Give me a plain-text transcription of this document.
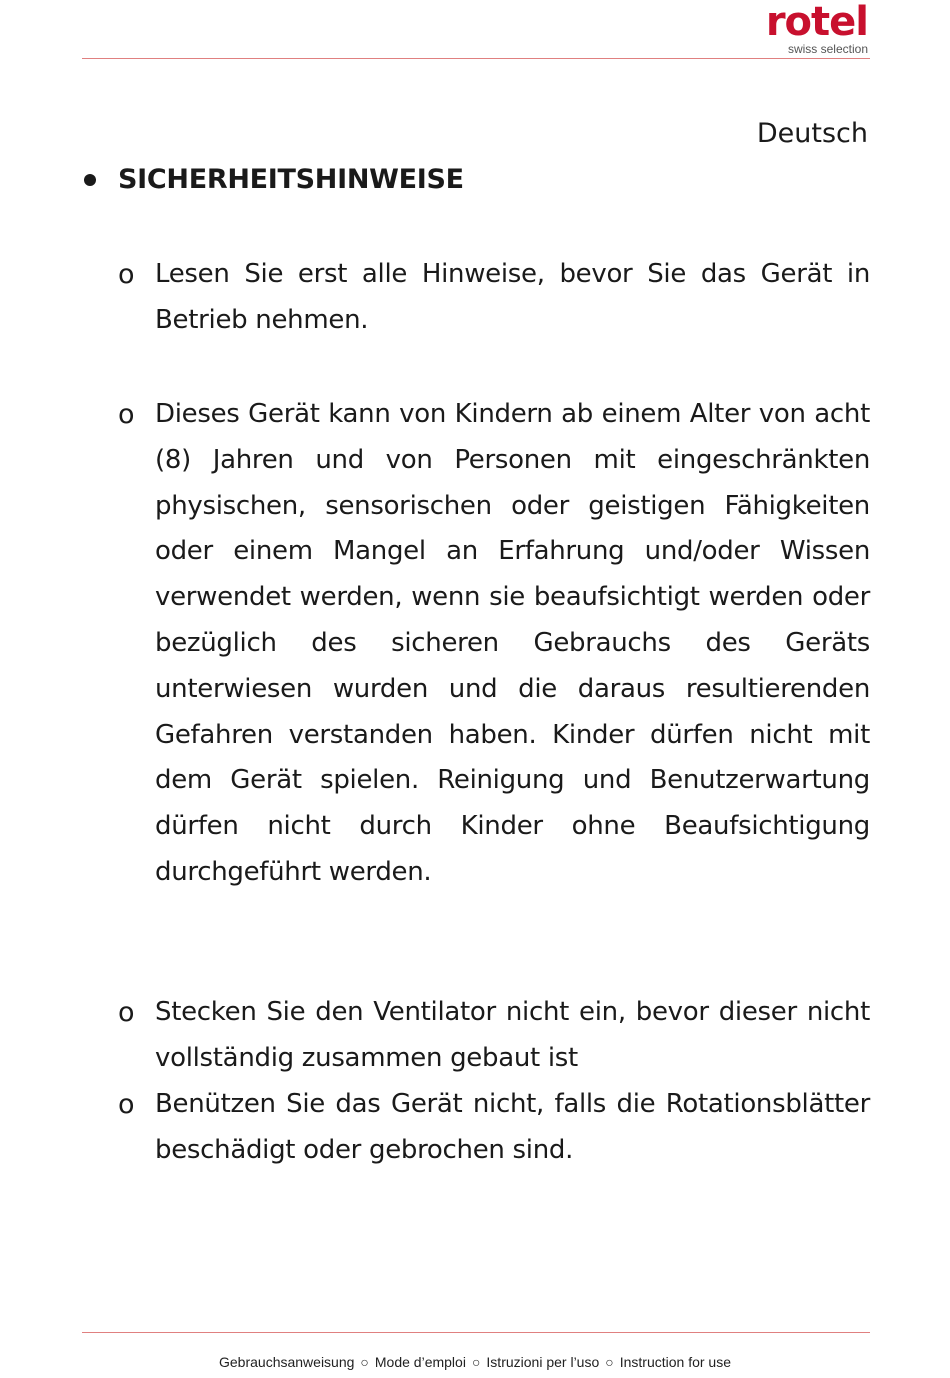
rotel
swiss selection
Deutsch
SICHERHEITSHINWEISE
o Lesen Sie erst alle Hinweise, bevor Sie das Gerät in Betrieb nehmen.
o Dieses Gerät kann von Kindern ab einem Alter von acht (8) Jahren und von Personen mit eingeschränkten physischen, sensorischen oder geistigen Fähigkeiten oder einem Mangel an Erfahrung und/oder Wissen verwendet werden, wenn sie beaufsichtigt werden oder bezüglich des sicheren Gebrauchs des Geräts unterwiesen wurden und die daraus resultierenden Gefahren verstanden haben. Kinder dürfen nicht mit dem Gerät spielen. Reinigung und Benutzerwartung dürfen nicht durch Kinder ohne Beaufsichtigung durchgeführt werden.
o Stecken Sie den Ventilator nicht ein, bevor dieser nicht vollständig zusammen gebaut ist
o Benützen Sie das Gerät nicht, falls die Rotationsblätter beschädigt oder gebrochen sind.
Gebrauchsanweisung ○ Mode d’emploi ○ Istruzioni per l’uso ○ Instruction for use
